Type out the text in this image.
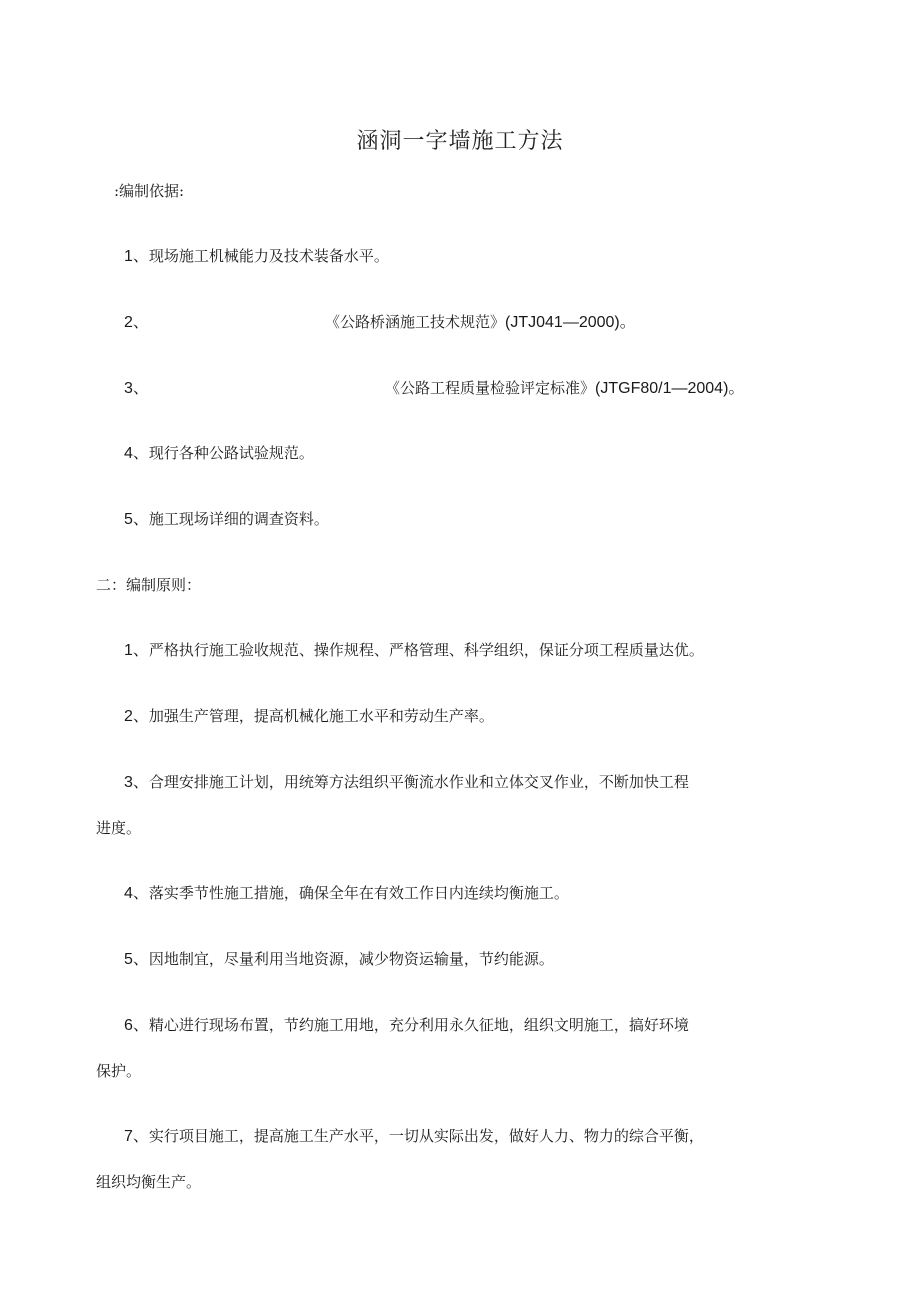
涵洞一字墙施工方法
:编制依据:
1、现场施工机械能力及技术装备水平。
2、	《公路桥涵施工技术规范》(JTJ041—2000)。
3、	《公路工程质量检验评定标准》(JTGF80/1—2004)。
4、现行各种公路试验规范。
5、施工现场详细的调查资料。
二：编制原则：
1、严格执行施工验收规范、操作规程、严格管理、科学组织，保证分项工程质量达优。
2、加强生产管理，提高机械化施工水平和劳动生产率。
3、合理安排施工计划，用统筹方法组织平衡流水作业和立体交叉作业，不断加快工程
进度。
4、落实季节性施工措施，确保全年在有效工作日内连续均衡施工。
5、因地制宜，尽量利用当地资源，减少物资运输量，节约能源。
6、精心进行现场布置，节约施工用地，充分利用永久征地，组织文明施工，搞好环境
保护。
7、实行项目施工，提高施工生产水平，一切从实际出发，做好人力、物力的综合平衡，
组织均衡生产。
